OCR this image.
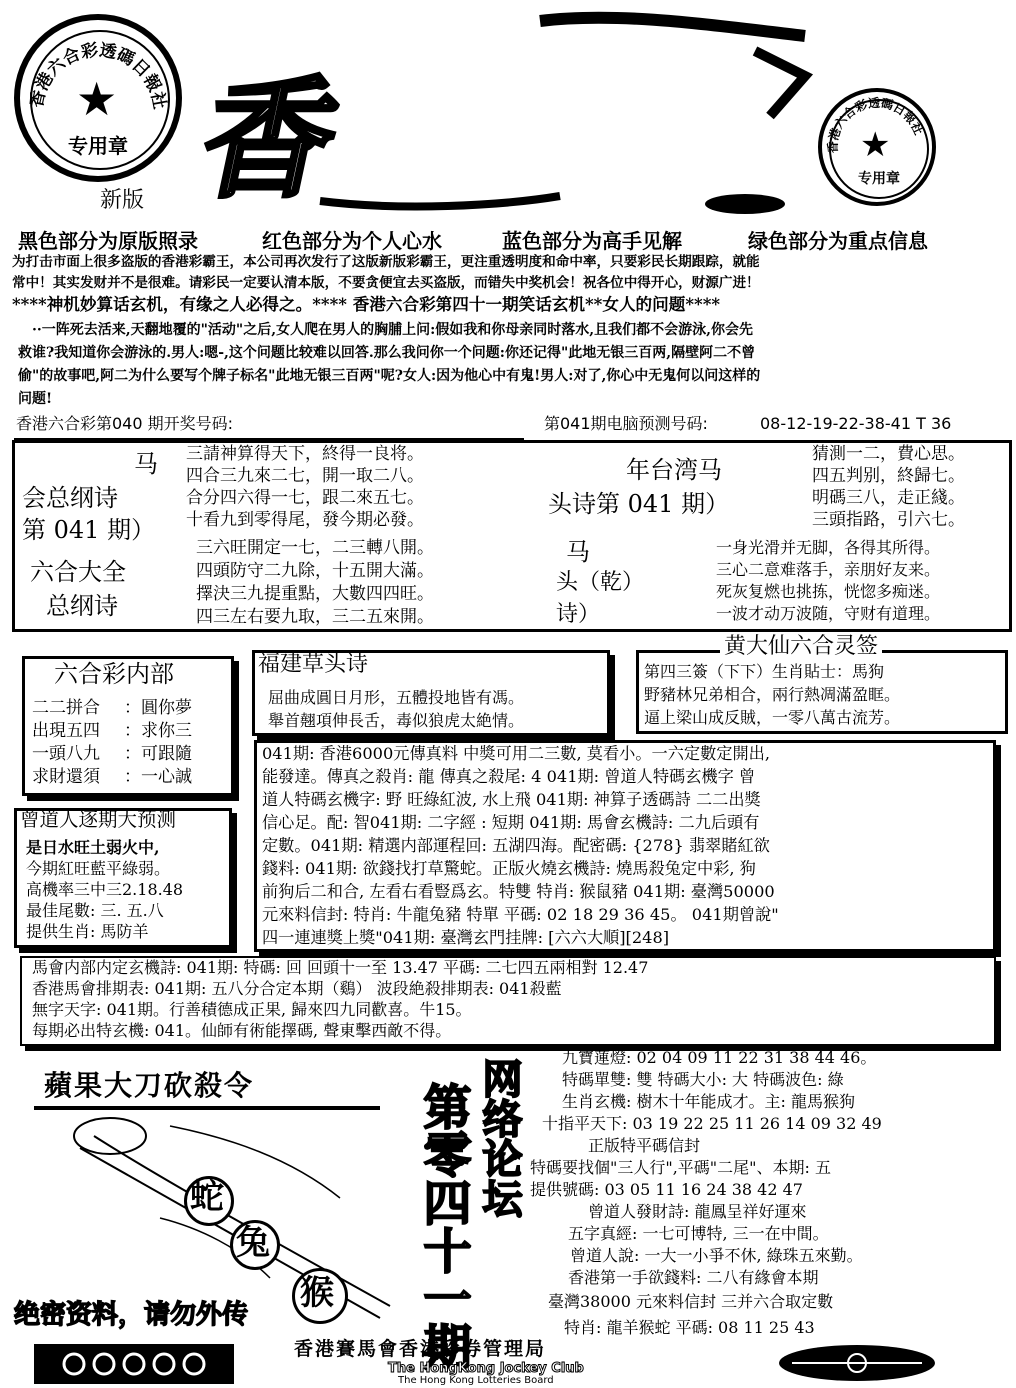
香港六合彩透碼日報社
★
专用章
新版 香	香港六合彩透碼日報社
★
专用章
黑色部分为原版照录	红色部分为个人心水	蓝色部分为高手见解	绿色部分为重点信息
为打击市面上很多盗版的香港彩霸王，本公司再次发行了这版新版彩霸王，更注重透明度和命中率，只要彩民长期跟踪，就能
常中！其实发财并不是很难。请彩民一定要认清本版，不要贪便宜去买盗版，而错失中奖机会！祝各位中得开心，财源广进！
****神机妙算话玄机，有缘之人必得之。**** 香港六合彩第四十一期笑话玄机**女人的问题****
··一阵死去活来,天翻地覆的"活动"之后,女人爬在男人的胸脯上问:假如我和你母亲同时落水,且我们都不会游泳,你会先
救谁?我知道你会游泳的.男人:嗯-,这个问题比较难以回答.那么我问你一个问题:你还记得"此地无银三百两,隔壁阿二不曾
偷"的故事吧,阿二为什么要写个牌子标名"此地无银三百两"呢?女人:因为他心中有鬼!男人:对了,你心中无鬼何以问这样的
问题!
香港六合彩第040 期开奖号码:	第041期电脑预测号码:	08-12-19-22-38-41 T 36
马
会总纲诗
第 041 期）
三請神算得天下，終得一良将。
四合三九來二七，開一取二八。
合分四六得一七，跟二來五七。
十看九到零得尾，發今期必發。
六合大全
总纲诗
三六旺開定一七，二三轉八開。
四頭防守二九除，十五開大滿。
擇決三九提重點，大數四四旺。
四三左右要九取，三二五來開。
年台湾马
头诗第 041 期）
猜測一二，費心思。
四五判别，終歸七。
明碼三八，走正綫。
三頭指路，引六七。
马
头（乾）
诗）
一身光滑并无脚，各得其所得。
三心二意难落手，亲朋好友来。
死灰复燃也挑拣，恍惚多痴迷。
一波才动万波随，守财有道理。
六合彩内部
二二拼合 ：圓你夢
出現五四 ：求你三
一頭八九 ：可跟隨
求財還須 ：一心誠
福建草头诗
屈曲成圓日月形，五體投地皆有馮。
舉首翹項伸長舌，毒似狼虎太絶情。
黄大仙六合灵签
第四三簽（下下）生肖貼士：馬狗
野豬林兄弟相合，兩行熱凋滿盈眶。
逼上梁山成反賊，一零八萬古流芳。
曾道人逐期大预测
是日水旺土弱火中,
今期紅旺藍平綠弱。
高機率三中三2.18.48
最佳尾數: 三. 五.八
提供生肖: 馬防羊
041期: 香港6000元傳真料 中獎可用二三數, 莫看小。一六定數定開出,
能發達。傳真之殺肖: 龍 傳真之殺尾: 4 041期: 曾道人特碼玄機字 曾
道人特碼玄機字: 野 旺綠紅波, 水上飛 041期: 神算子透碼詩 二二出獎
信心足。配: 智041期: 二字經 : 短期 041期: 馬會玄機詩: 二九后頭有
定數。041期: 精選内部運程回: 五湖四海。配密碼: {278} 翡翠賭紅欲
錢料: 041期: 欲錢找打草驚蛇。正版火燒玄機詩: 燒馬殺兔定中彩, 狗
前狗后二和合, 左看右看豎爲玄。特雙 特肖: 猴鼠豬 041期: 臺灣50000
元來料信封: 特肖: 牛龍兔豬 特單 平碼: 02 18 29 36 45。 041期曾說"
四一連連獎上獎"041期: 臺灣玄門挂牌: [六六大順][248]
馬會内部内定玄機詩: 041期: 特碼: 回 回頭十一至 13.47 平碼: 二七四五兩相對 12.47
香港馬會排期表: 041期: 五八分合定本期（鷄） 波段絶殺排期表: 041殺藍
無字天字: 041期。行善積德成正果, 歸來四九同歡喜。牛15。
每期必出特玄機: 041。仙師有術能擇碼, 聲東擊西敵不得。
蘋果大刀砍殺令
蛇
兔
猴
绝密资料，请勿外传	第零四十一期 网络论坛
九寶蓮燈: 02 04 09 11 22 31 38 44 46。
特碼單雙: 雙 特碼大小: 大 特碼波色: 綠
生肖玄機: 樹木十年能成才。主: 龍馬猴狗
十指平天下: 03 19 22 25 11 26 14 09 32 49
正版特平碼信封
特碼要找個"三人行",平碼"二尾"、本期: 五
提供號碼: 03 05 11 16 24 38 42 47
曾道人發財詩: 龍鳳呈祥好運來
五字真經: 一七可博特, 三一在中間。
曾道人說: 一大一小爭不休, 綠珠五來勤。
香港第一手欲錢料: 二八有緣會本期
臺灣38000 元來料信封 三并六合取定數
特肖: 龍羊猴蛇 平碼: 08 11 25 43
香港賽馬會香港彩券管理局
The HongKong Jockey Club
The Hong Kong Lotteries Board
